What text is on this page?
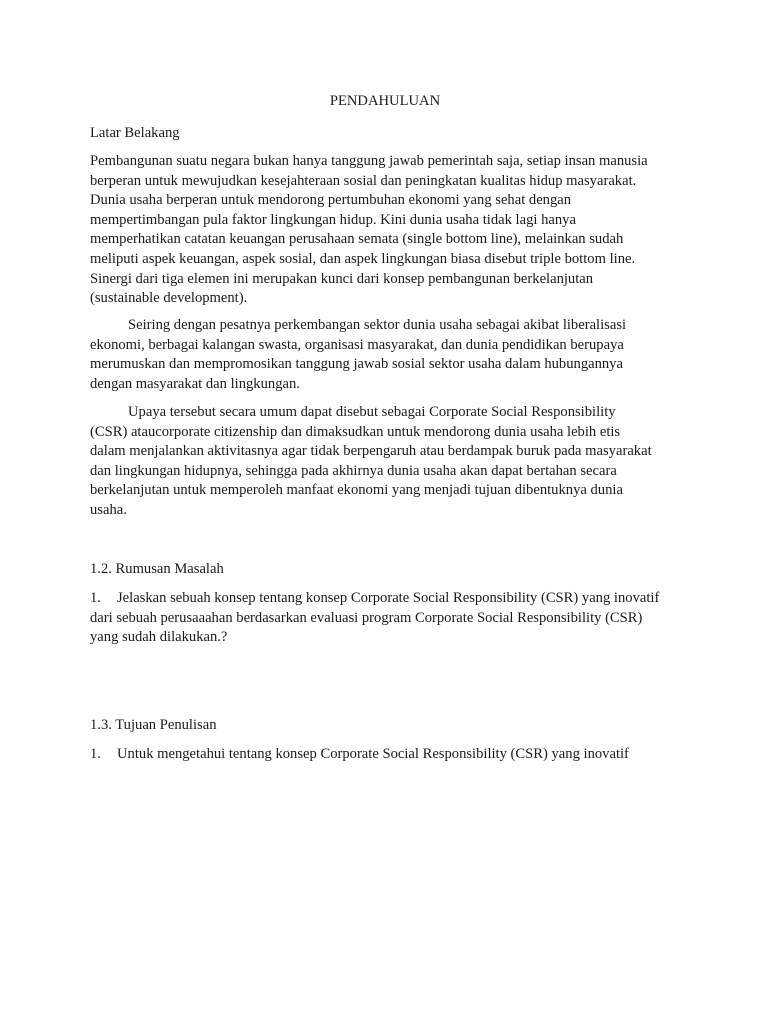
PENDAHULUAN
Latar Belakang
Pembangunan suatu negara bukan hanya tanggung jawab pemerintah saja, setiap insan manusia
berperan untuk mewujudkan kesejahteraan sosial dan peningkatan kualitas hidup masyarakat.
Dunia usaha berperan untuk mendorong pertumbuhan ekonomi yang sehat dengan
mempertimbangan pula faktor lingkungan hidup. Kini dunia usaha tidak lagi hanya
memperhatikan catatan keuangan perusahaan semata (single bottom line), melainkan sudah
meliputi aspek keuangan, aspek sosial, dan aspek lingkungan biasa disebut triple bottom line.
Sinergi dari tiga elemen ini merupakan kunci dari konsep pembangunan berkelanjutan
(sustainable development).
Seiring dengan pesatnya perkembangan sektor dunia usaha sebagai akibat liberalisasi
ekonomi, berbagai kalangan swasta, organisasi masyarakat, dan dunia pendidikan berupaya
merumuskan dan mempromosikan tanggung jawab sosial sektor usaha dalam hubungannya
dengan masyarakat dan lingkungan.
Upaya tersebut secara umum dapat disebut sebagai Corporate Social Responsibility
(CSR) ataucorporate citizenship dan dimaksudkan untuk mendorong dunia usaha lebih etis
dalam menjalankan aktivitasnya agar tidak berpengaruh atau berdampak buruk pada masyarakat
dan lingkungan hidupnya, sehingga pada akhirnya dunia usaha akan dapat bertahan secara
berkelanjutan untuk memperoleh manfaat ekonomi yang menjadi tujuan dibentuknya dunia
usaha.
1.2. Rumusan Masalah
1. Jelaskan sebuah konsep tentang konsep Corporate Social Responsibility (CSR) yang inovatif
dari sebuah perusaaahan berdasarkan evaluasi program Corporate Social Responsibility (CSR)
yang sudah dilakukan.?
1.3. Tujuan Penulisan
1. Untuk mengetahui tentang konsep Corporate Social Responsibility (CSR) yang inovatif
